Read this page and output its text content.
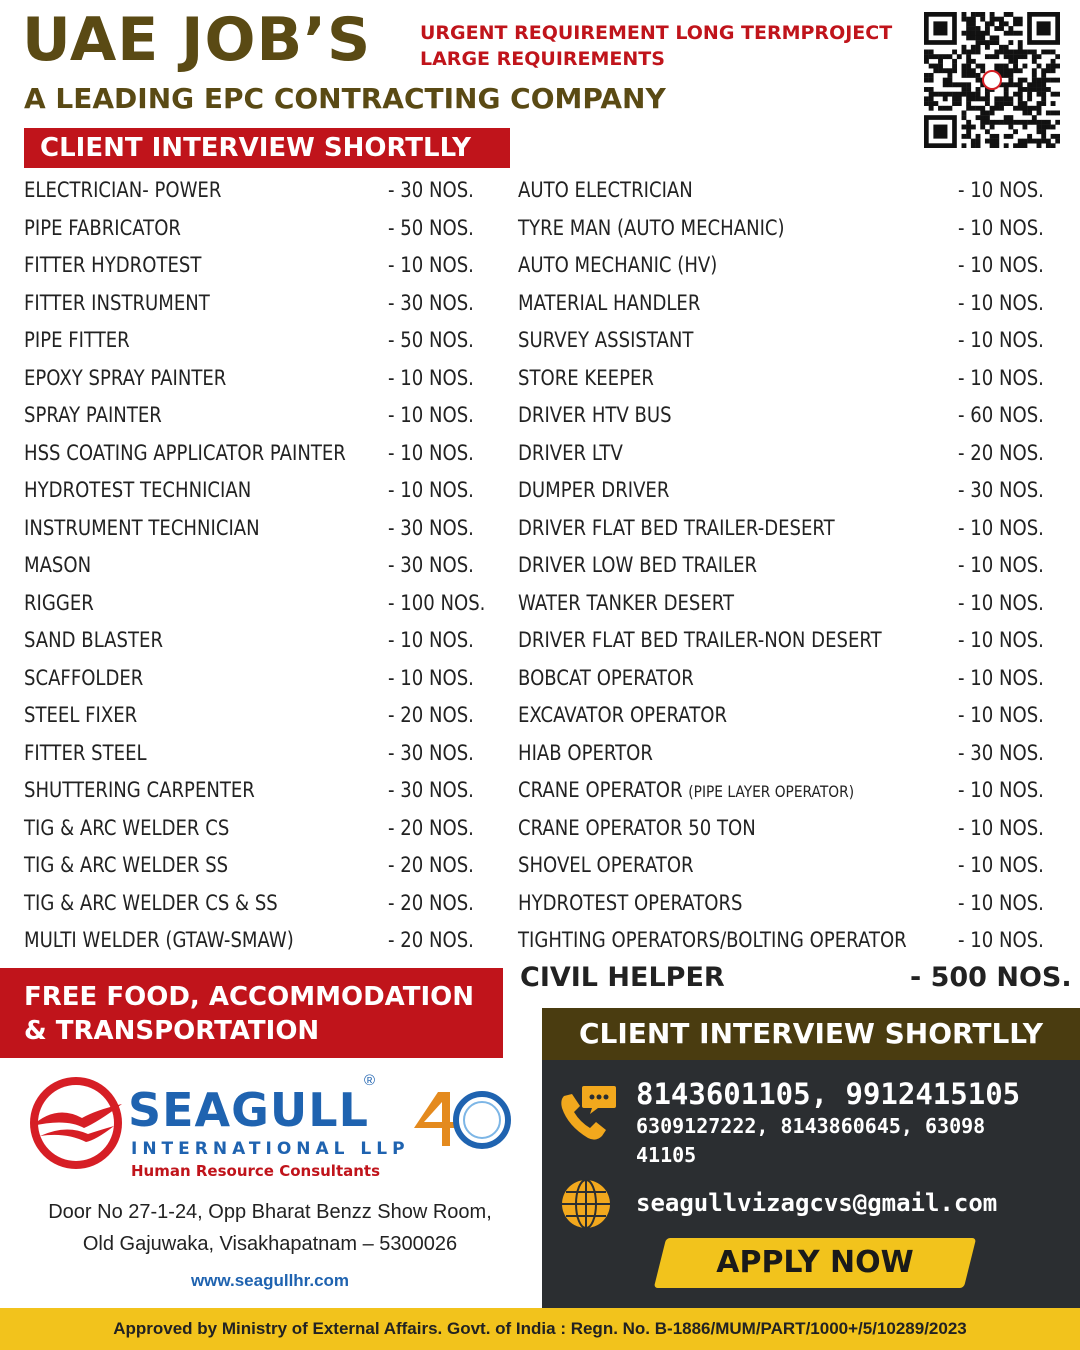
UAE JOB’S	URGENT REQUIREMENT LONG TERMPROJECT
LARGE REQUIREMENTS
A LEADING EPC CONTRACTING COMPANY
CLIENT INTERVIEW SHORTLLY
ELECTRICIAN- POWER	- 30 NOS.
PIPE FABRICATOR	- 50 NOS.
FITTER HYDROTEST	- 10 NOS.
FITTER INSTRUMENT	- 30 NOS.
PIPE FITTER	- 50 NOS.
EPOXY SPRAY PAINTER	- 10 NOS.
SPRAY PAINTER	- 10 NOS.
HSS COATING APPLICATOR PAINTER - 10 NOS.
HYDROTEST TECHNICIAN	- 10 NOS.
INSTRUMENT TECHNICIAN	- 30 NOS.
MASON	- 30 NOS.
RIGGER	- 100 NOS.
SAND BLASTER	- 10 NOS.
SCAFFOLDER	- 10 NOS.
STEEL FIXER	- 20 NOS.
FITTER STEEL	- 30 NOS.
SHUTTERING CARPENTER	- 30 NOS.
TIG & ARC WELDER CS	- 20 NOS.
TIG & ARC WELDER SS	- 20 NOS.
TIG & ARC WELDER CS & SS	- 20 NOS.
MULTI WELDER (GTAW-SMAW)	- 20 NOS.
AUTO ELECTRICIAN	- 10 NOS.
TYRE MAN (AUTO MECHANIC)	- 10 NOS.
AUTO MECHANIC (HV)	- 10 NOS.
MATERIAL HANDLER	- 10 NOS.
SURVEY ASSISTANT	- 10 NOS.
STORE KEEPER	- 10 NOS.
DRIVER HTV BUS	- 60 NOS.
DRIVER LTV	- 20 NOS.
DUMPER DRIVER	- 30 NOS.
DRIVER FLAT BED TRAILER-DESERT	- 10 NOS.
DRIVER LOW BED TRAILER	- 10 NOS.
WATER TANKER DESERT	- 10 NOS.
DRIVER FLAT BED TRAILER-NON DESERT	- 10 NOS.
BOBCAT OPERATOR	- 10 NOS.
EXCAVATOR OPERATOR	- 10 NOS.
HIAB OPERTOR	- 30 NOS.
CRANE OPERATOR (PIPE LAYER OPERATOR)	- 10 NOS.
CRANE OPERATOR 50 TON	- 10 NOS.
SHOVEL OPERATOR	- 10 NOS.
HYDROTEST OPERATORS	- 10 NOS.
TIGHTING OPERATORS/BOLTING OPERATOR - 10 NOS.
CIVIL HELPER	- 500 NOS.
FREE FOOD, ACCOMMODATION
& TRANSPORTATION
SEAGULL
®
INTERNATIONAL LLP
Human Resource Consultants
Door No 27-1-24, Opp Bharat Benzz Show Room,
Old Gajuwaka, Visakhapatnam – 5300026
www.seagullhr.com
CLIENT INTERVIEW SHORTLLY
8143601105, 9912415105
6309127222, 8143860645, 63098 41105
seagullvizagcvs@gmail.com
APPLY NOW
Approved by Ministry of External Affairs. Govt. of India : Regn. No. B-1886/MUM/PART/1000+/5/10289/2023
